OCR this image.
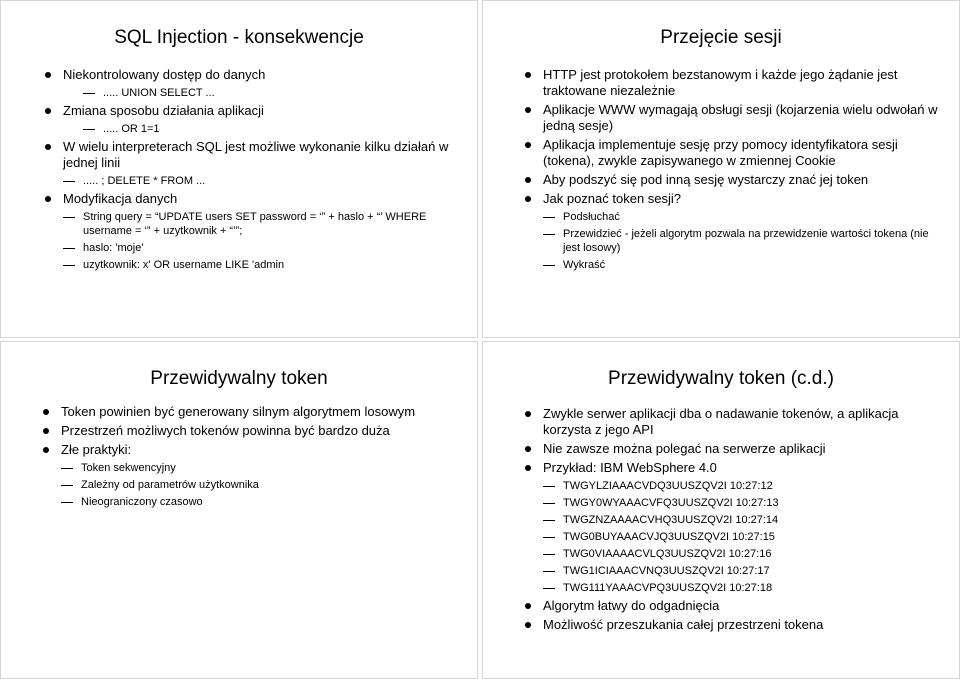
SQL Injection - konsekwencje
Niekontrolowany dostęp do danych
..... UNION SELECT ...
Zmiana sposobu działania aplikacji
..... OR 1=1
W wielu interpreterach SQL jest możliwe wykonanie kilku działań w jednej linii
..... ; DELETE * FROM ...
Modyfikacja danych
String query = “UPDATE users SET password = ‘” + haslo + “’ WHERE username = ‘” + uzytkownik + “’”;
haslo: 'moje'
uzytkownik: x' OR username LIKE 'admin
Przejęcie sesji
HTTP jest protokołem bezstanowym i każde jego żądanie jest traktowane niezależnie
Aplikacje WWW wymagają obsługi sesji (kojarzenia wielu odwołań w jedną sesje)
Aplikacja implementuje sesję przy pomocy identyfikatora sesji (tokena), zwykle zapisywanego w zmiennej Cookie
Aby podszyć się pod inną sesję wystarczy znać jej token
Jak poznać token sesji?
Podsłuchać
Przewidzieć - jeżeli algorytm pozwala na przewidzenie wartości tokena (nie jest losowy)
Wykraść
Przewidywalny token
Token powinien być generowany silnym algorytmem losowym
Przestrzeń możliwych tokenów powinna być bardzo duża
Złe praktyki:
Token sekwencyjny
Zależny od parametrów użytkownika
Nieograniczony czasowo
Przewidywalny token (c.d.)
Zwykle serwer aplikacji dba o nadawanie tokenów, a aplikacja korzysta z jego API
Nie zawsze można polegać na serwerze aplikacji
Przykład: IBM WebSphere 4.0
TWGYLZIAAACVDQ3UUSZQV2I 10:27:12
TWGY0WYAAACVFQ3UUSZQV2I 10:27:13
TWGZNZAAAACVHQ3UUSZQV2I 10:27:14
TWG0BUYAAACVJQ3UUSZQV2I 10:27:15
TWG0VIAAAACVLQ3UUSZQV2I 10:27:16
TWG1ICIAAACVNQ3UUSZQV2I 10:27:17
TWG111YAAACVPQ3UUSZQV2I 10:27:18
Algorytm łatwy do odgadnięcia
Możliwość przeszukania całej przestrzeni tokena
